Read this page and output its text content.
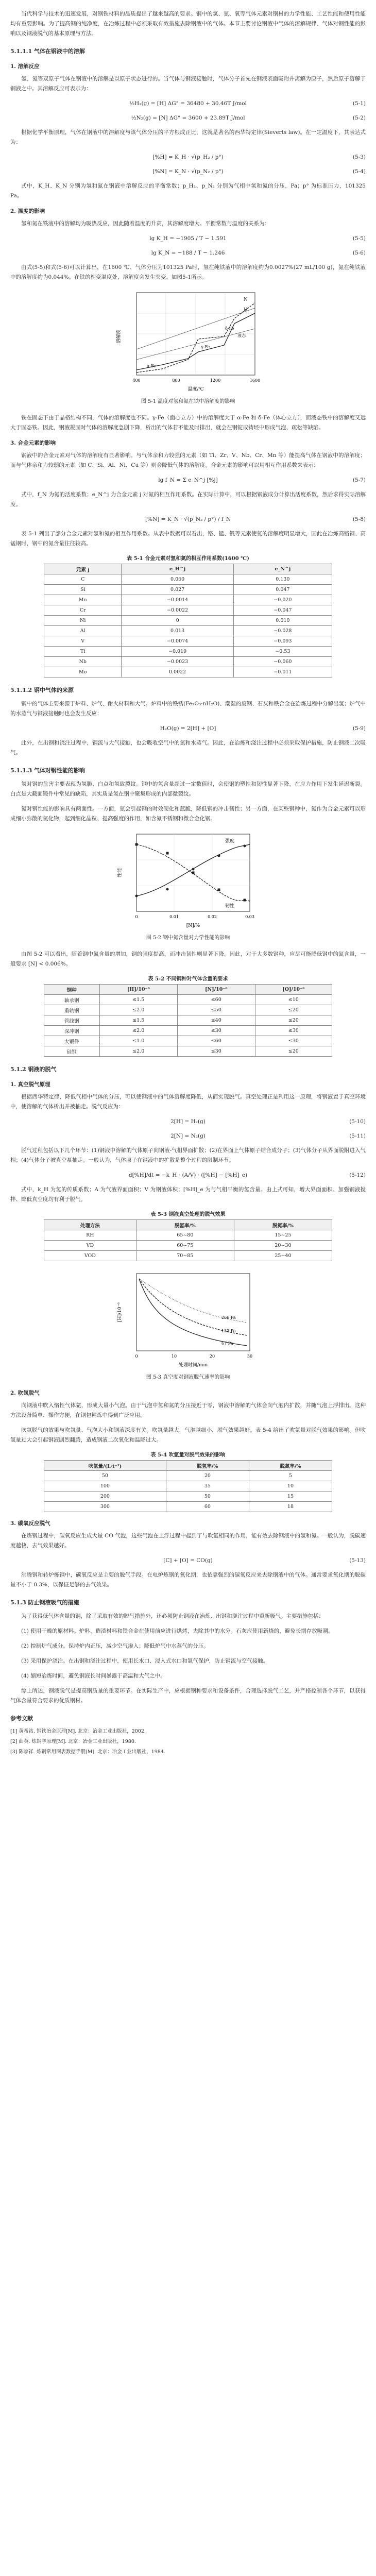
当代科学与技术的迅速发展，对钢铁材料的品质提出了越来越高的要求。钢中的氢、氮、氧等气体元素对钢材的力学性能、工艺性能和使用性能均有重要影响。为了提高钢的纯净度，在冶炼过程中必须采取有效措施去除钢液中的气体。本节主要讨论钢液中气体的溶解规律、气体对钢性能的影响以及钢液脱气的基本原理与方法。

5.1.1.1 气体在钢液中的溶解
1. 溶解反应

氢、氮等双原子气体在钢液中的溶解是以原子状态进行的。当气体与钢液接触时，气体分子首先在钢液表面吸附并离解为原子，然后原子溶解于钢液之中。其溶解反应可表示为：

½H₂(g) = [H] ΔG° = 36480 + 30.46T J/mol	(5-1)
½N₂(g) = [N] ΔG° = 3600 + 23.89T J/mol	(5-2)

根据化学平衡原理，气体在钢液中的溶解度与该气体分压的平方根成正比，这就是著名的西华特定律(Sieverts law)。在一定温度下，其表达式为：

[%H] = K_H · √(p_H₂ / p°)	(5-3)
[%N] = K_N · √(p_N₂ / p°)	(5-4)

式中，K_H、K_N 分别为氢和氮在钢液中溶解反应的平衡常数；p_H₂、p_N₂ 分别为气相中氢和氮的分压，Pa；p° 为标准压力，101325 Pa。

2. 温度的影响

氢和氮在铁液中的溶解均为吸热反应，因此随着温度的升高，其溶解度增大。平衡常数与温度的关系为：

lg K_H = −1905 / T − 1.591	(5-5)
lg K_N = −188 / T − 1.246	(5-6)

由式(5-5)和式(5-6)可以计算出，在1600 ℃、气体分压为101325 Pa时，氢在纯铁液中的溶解度约为0.0027%(27 mL/100 g)，氮在纯铁液中的溶解度约为0.044%。在铁的相变温度处，溶解度会发生突变，如图5-1所示。

H
N
α-Fe
γ-Fe
δ-Fe
液态
400	800	1200	1600
温度/℃
溶解度
图 5-1 温度对氢和氮在铁中溶解度的影响

铁在固态下由于晶格结构不同，气体的溶解度也不同。γ-Fe（面心立方）中的溶解度大于 α-Fe 和 δ-Fe（体心立方），而液态铁中的溶解度又远大于固态铁。因此，钢液凝固时气体的溶解度急剧下降，析出的气体若不能及时排出，就会在钢锭或铸坯中形成气泡、疏松等缺陷。

3. 合金元素的影响

钢液中的合金元素对气体的溶解度有显著影响。与气体亲和力较强的元素（如 Ti、Zr、V、Nb、Cr、Mn 等）能提高气体在钢液中的溶解度；而与气体亲和力较弱的元素（如 C、Si、Al、Ni、Cu 等）则会降低气体的溶解度。合金元素的影响可以用相互作用系数来表示：

lg f_N = Σ e_N^j [%j]	(5-7)

式中，f_N 为氮的活度系数；e_N^j 为合金元素 j 对氮的相互作用系数。在实际计算中，可以根据钢液成分计算出活度系数，然后求得实际溶解度。

[%N] = K_N · √(p_N₂ / p°) / f_N	(5-8)

表 5-1 列出了部分合金元素对氢和氮的相互作用系数。从表中数据可以看出，铬、锰、钒等元素使氮的溶解度明显增大，因此在冶炼高铬钢、高锰钢时，钢中的氮含量往往较高。

表 5-1 合金元素对氢和氮的相互作用系数(1600 ℃)
元素 j	e_H^j	e_N^j
C	0.060	0.130
Si	0.027	0.047
Mn	−0.0014	−0.020
Cr	−0.0022	−0.047
Ni	0	0.010
Al	0.013	−0.028
V	−0.0074	−0.093
Ti	−0.019	−0.53
Nb	−0.0023	−0.060
Mo	0.0022	−0.011
5.1.1.2 钢中气体的来源

钢中的气体主要来源于炉料、炉气、耐火材料和大气。炉料中的铁锈(Fe₂O₃·nH₂O)、潮湿的废钢、石灰和铁合金在冶炼过程中分解出氢；炉气中的水蒸气与钢液接触时也会发生反应：

H₂O(g) = 2[H] + [O]	(5-9)

此外，在出钢和浇注过程中，钢流与大气接触，也会吸收空气中的氮和水蒸气。因此，在冶炼和浇注过程中必须采取保护措施，防止钢液二次吸气。

5.1.1.3 气体对钢性能的影响

氢对钢的危害主要表现为氢脆、白点和氢致裂纹。钢中的氢含量超过一定数值时，会使钢的塑性和韧性显著下降，在应力作用下发生延迟断裂。白点是大截面锻件中常见的缺陷，其实质是氢在钢中聚集形成的内部微裂纹。

氮对钢性能的影响具有两面性。一方面，氮会引起钢的时效硬化和蓝脆，降低钢的冲击韧性；另一方面，在某些钢种中，氮作为合金元素可以形成细小弥散的氮化物，起到细化晶粒、提高强度的作用，如含氮不锈钢和微合金化钢。

强度
韧性
0	0.01	0.02	0.03
[N]/%
性能
图 5-2 钢中氮含量对力学性能的影响

由图 5-2 可以看出，随着钢中氮含量的增加，钢的强度提高，而冲击韧性则显著下降。因此，对于大多数钢种，应尽可能降低钢中的氮含量，一般要求 [N] < 0.006%。

表 5-2 不同钢种对气体含量的要求
钢种	[H]/10⁻⁶	[N]/10⁻⁶	[O]/10⁻⁶
轴承钢	≤1.5	≤60	≤10
重轨钢	≤2.0	≤50	≤20
管线钢	≤1.5	≤40	≤20
深冲钢	≤2.0	≤30	≤30
大锻件	≤1.0	≤60	≤30
硅钢	≤2.0	≤30	≤20
5.1.2 钢液的脱气
1. 真空脱气原理

根据西华特定律，降低气相中气体的分压，可以使钢液中的气体溶解度降低，从而实现脱气。真空处理正是利用这一原理，将钢液置于真空环境中，使溶解的气体析出并被抽走。脱气反应为：

2[H] = H₂(g)	(5-10)
2[N] = N₂(g)	(5-11)

脱气过程包括以下几个环节：(1)钢液中溶解的气体原子向钢液-气相界面扩散；(2)在界面上气体原子结合成分子；(3)气体分子从界面脱附进入气相；(4)气体分子被真空泵抽走。一般认为，气体原子在钢液中的扩散是整个过程的限制环节。

d[%H]/dt = −k_H · (A/V) · ([%H] − [%H]_e)	(5-12)

式中，k_H 为氢的传质系数；A 为气液界面面积；V 为钢液体积；[%H]_e 为与气相平衡的氢含量。由上式可知，增大界面面积、加强钢液搅拌、降低真空度均有利于脱气。

表 5-3 钢液真空处理的脱气效果
处理方法	脱氢率/%	脱氮率/%
RH	65~80	15~25
VD	60~75	20~30
VOD	70~85	25~40
67 Pa
133 Pa
266 Pa
0	10	20	30
处理时间/min
[H]/10⁻⁶
图 5-3 真空度对钢液脱气速率的影响
2. 吹氩脱气

向钢液中吹入惰性气体氩，形成大量小气泡。由于气泡中氢和氮的分压接近于零，钢液中溶解的气体会向气泡内扩散，并随气泡上浮排出。这种方法设备简单、操作方便，在钢包精炼中得到广泛应用。

吹氩脱气的效果与吹氩量、气泡大小和钢液深度有关。吹氩量越大，气泡越细小，脱气效果越好。表 5-4 给出了吹氩量对脱气效果的影响。但吹氩量过大会引起钢液剧烈翻腾，造成钢液二次氧化和温降过大。

表 5-4 吹氩量对脱气效果的影响
吹氩量/(L·t⁻¹)	脱氢率/%	脱氮率/%
50	20	5
100	35	10
200	50	15
300	60	18
3. 碳氧反应脱气

在炼钢过程中，碳氧反应生成大量 CO 气泡，这些气泡在上浮过程中起到了与吹氩相同的作用，能有效去除钢液中的氢和氮。一般认为，脱碳速度越快，去气效果越好。

[C] + [O] = CO(g)	(5-13)

沸腾钢和转炉炼钢中，碳氧反应是主要的脱气手段。在电炉炼钢的氧化期，也依靠强烈的碳氧反应来去除钢液中的气体。通常要求氧化期的脱碳量不小于 0.3%，以保证足够的去气效果。

5.1.3 防止钢液吸气的措施

为了获得低气体含量的钢，除了采取有效的脱气措施外，还必须防止钢液在冶炼、出钢和浇注过程中重新吸气。主要措施包括：

(1) 使用干燥的原材料。炉料、造渣材料和铁合金在使用前应进行烘烤，去除其中的水分。石灰应使用新烧的，避免长期存放吸潮。

(2) 控制炉气成分。保持炉内正压，减少空气渗入；降低炉气中水蒸气的分压。

(3) 采用保护浇注。在出钢和浇注过程中，使用长水口、浸入式水口和氩气保护，防止钢流与空气接触。

(4) 缩短冶炼时间，避免钢液长时间暴露于高温和大气之中。

综上所述，钢液脱气是提高钢质量的重要环节。在实际生产中，应根据钢种要求和设备条件，合理选择脱气工艺，并严格控制各个环节，以获得气体含量符合要求的优质钢材。

参考文献

[1] 黄希祜. 钢铁冶金原理[M]. 北京：冶金工业出版社，2002.

[2] 曲英. 炼钢学原理[M]. 北京：冶金工业出版社，1980.

[3] 陈家祥. 炼钢常用图表数据手册[M]. 北京：冶金工业出版社，1984.
